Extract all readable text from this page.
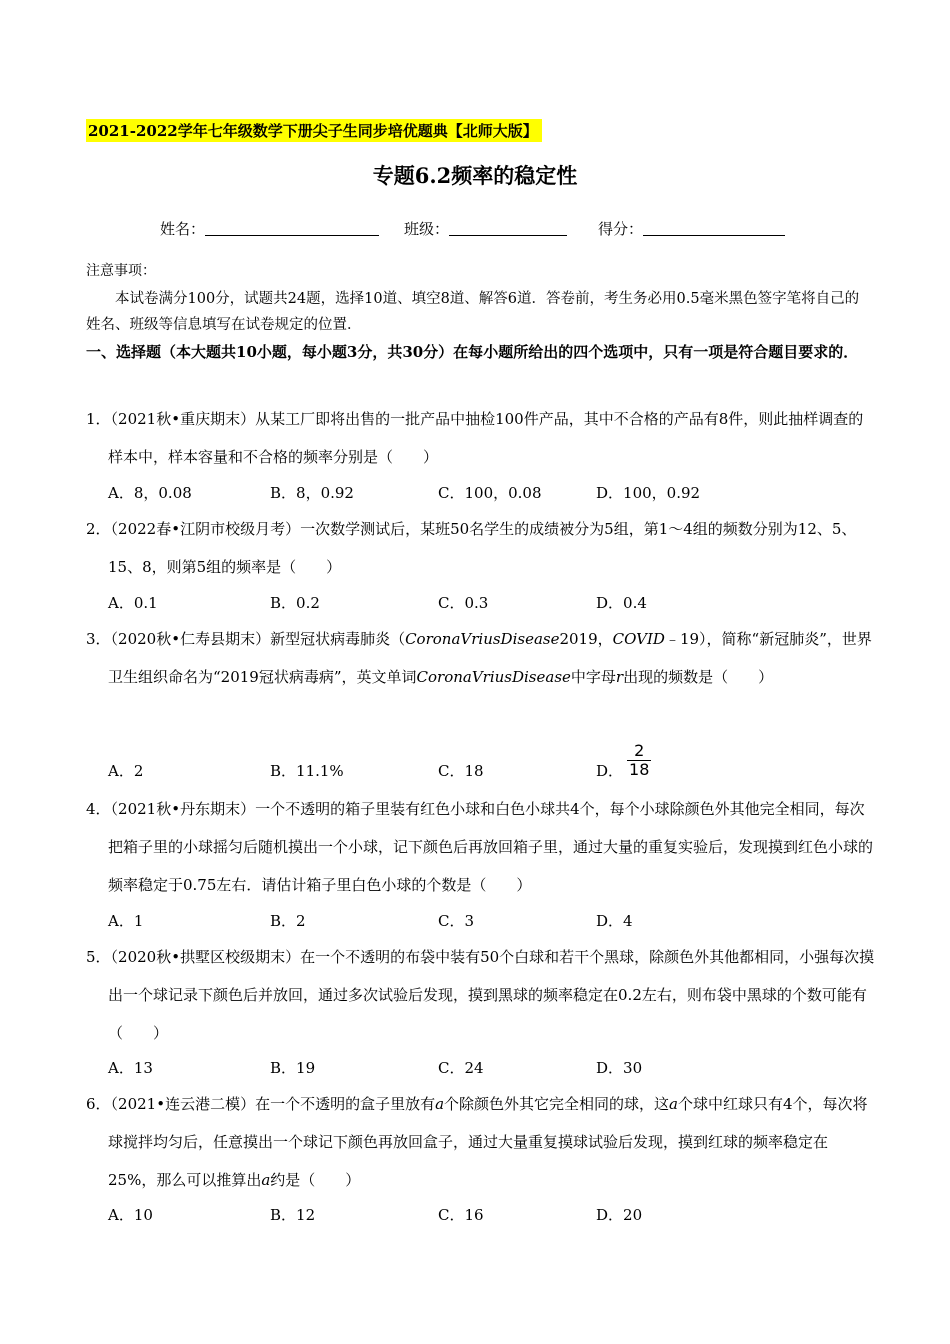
2021-2022学年七年级数学下册尖子生同步培优题典【北师大版】
专题6.2频率的稳定性
姓名：	班级：	得分：
注意事项：
本试卷满分100分，试题共24题，选择10道、填空8道、解答6道．答卷前，考生务必用0.5毫米黑色签字笔将自己的姓名、班级等信息填写在试卷规定的位置．
一、选择题（本大题共10小题，每小题3分，共30分）在每小题所给出的四个选项中，只有一项是符合题目要求的．
1．（2021秋•重庆期末）从某工厂即将出售的一批产品中抽检100件产品，其中不合格的产品有8件，则此抽样调查的样本中，样本容量和不合格的频率分别是（　　）
A．8，0.08	B．8，0.92	C．100，0.08	D．100，0.92
2．（2022春•江阴市校级月考）一次数学测试后，某班50名学生的成绩被分为5组，第1～4组的频数分别为12、5、15、8，则第5组的频率是（　　）
A．0.1	B．0.2	C．0.3	D．0.4
3．（2020秋•仁寿县期末）新型冠状病毒肺炎（CoronaVriusDisease2019，COVID﹣19），简称“新冠肺炎”，世界卫生组织命名为“2019冠状病毒病”，英文单词CoronaVriusDisease中字母r出现的频数是（　　）
A．2	B．11.1%	C．18	D． $\frac{2}{18}$
4．（2021秋•丹东期末）一个不透明的箱子里装有红色小球和白色小球共4个，每个小球除颜色外其他完全相同，每次把箱子里的小球摇匀后随机摸出一个小球，记下颜色后再放回箱子里，通过大量的重复实验后，发现摸到红色小球的频率稳定于0.75左右．请估计箱子里白色小球的个数是（　　）
A．1	B．2	C．3	D．4
5．（2020秋•拱墅区校级期末）在一个不透明的布袋中装有50个白球和若干个黑球，除颜色外其他都相同，小强每次摸出一个球记录下颜色后并放回，通过多次试验后发现，摸到黑球的频率稳定在0.2左右，则布袋中黑球的个数可能有（　　）
A．13	B．19	C．24	D．30
6．（2021•连云港二模）在一个不透明的盒子里放有a个除颜色外其它完全相同的球，这a个球中红球只有4个，每次将球搅拌均匀后，任意摸出一个球记下颜色再放回盒子，通过大量重复摸球试验后发现，摸到红球的频率稳定在25%，那么可以推算出a约是（　　）
A．10	B．12	C．16	D．20
